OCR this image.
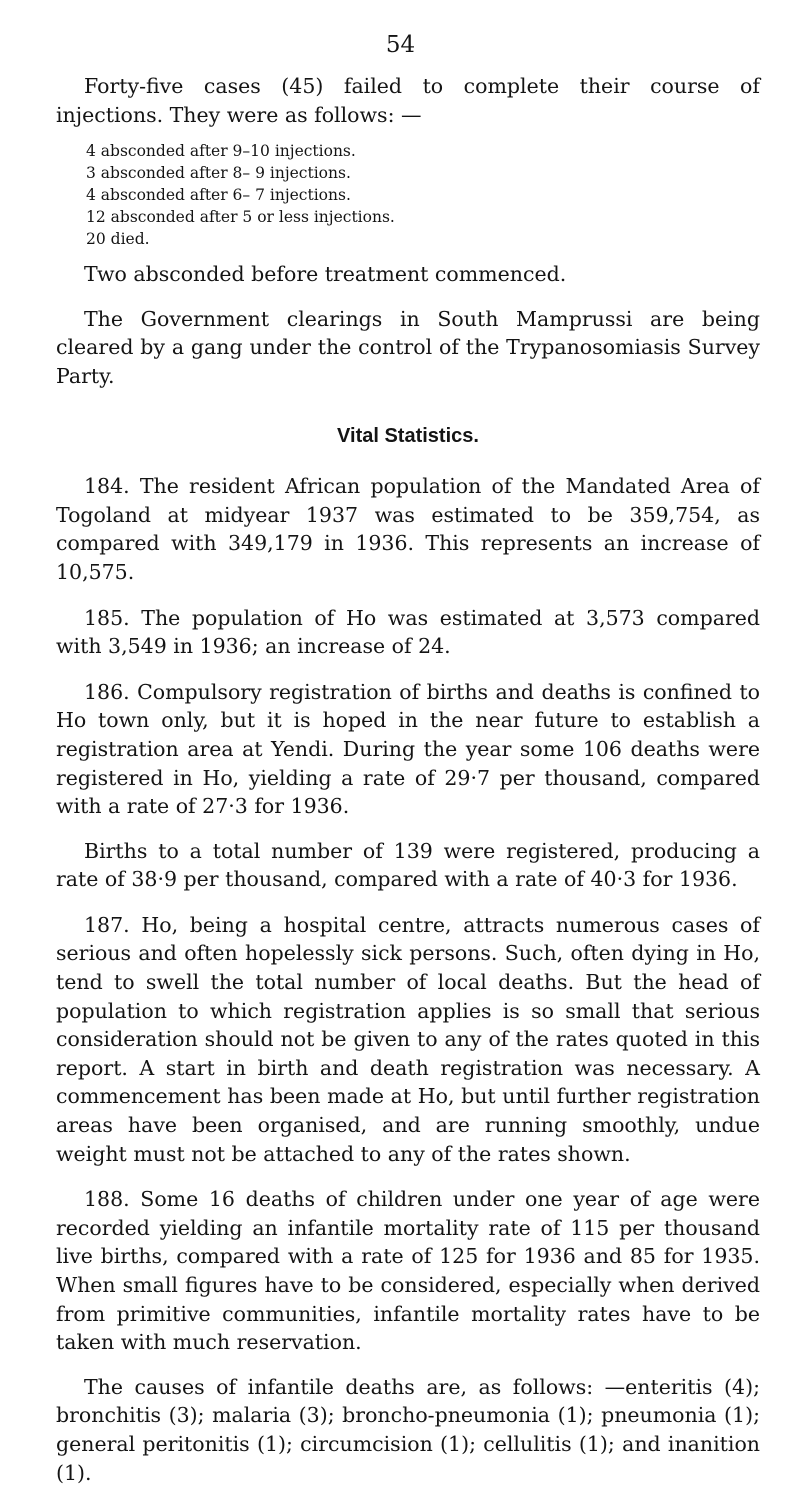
54

Forty-five cases (45) failed to complete their course of injections. They were as follows: —

4 absconded after 9–10 injections.
3 absconded after 8– 9 injections.
4 absconded after 6– 7 injections.
12 absconded after 5 or less injections.
20 died.

Two absconded before treatment commenced.

The Government clearings in South Mamprussi are being cleared by a gang under the control of the Trypanosomiasis Survey Party.

Vital Statistics.

184. The resident African population of the Mandated Area of Togoland at midyear 1937 was estimated to be 359,754, as compared with 349,179 in 1936. This represents an increase of 10,575.

185. The population of Ho was estimated at 3,573 compared with 3,549 in 1936; an increase of 24.

186. Compulsory registration of births and deaths is confined to Ho town only, but it is hoped in the near future to establish a registration area at Yendi. During the year some 106 deaths were registered in Ho, yielding a rate of 29·7 per thousand, compared with a rate of 27·3 for 1936.

Births to a total number of 139 were registered, producing a rate of 38·9 per thousand, compared with a rate of 40·3 for 1936.

187. Ho, being a hospital centre, attracts numerous cases of serious and often hopelessly sick persons. Such, often dying in Ho, tend to swell the total number of local deaths. But the head of population to which registration applies is so small that serious consideration should not be given to any of the rates quoted in this report. A start in birth and death registration was necessary. A commencement has been made at Ho, but until further registration areas have been organised, and are running smoothly, undue weight must not be attached to any of the rates shown.

188. Some 16 deaths of children under one year of age were recorded yielding an infantile mortality rate of 115 per thousand live births, compared with a rate of 125 for 1936 and 85 for 1935. When small figures have to be considered, especially when derived from primitive communities, infantile mortality rates have to be taken with much reservation.

The causes of infantile deaths are, as follows: —enteritis (4); bronchitis (3); malaria (3); broncho-pneumonia (1); pneumonia (1); general peritonitis (1); circumcision (1); cellulitis (1); and inanition (1).
